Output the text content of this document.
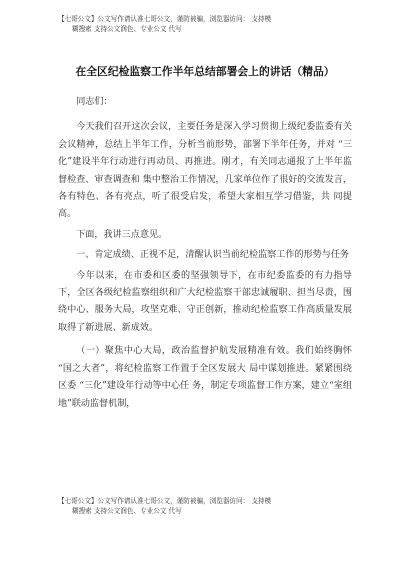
【七哥公文】公文写作请认准七哥公文，谨防被骗，浏览器访问： 支持模
糊搜索 支持公文润色、专业公文 代写
在全区纪检监察工作半年总结部署会上的讲话（精品）

同志们：

今天我们召开这次会议，主要任务是深入学习贯彻上级纪委监委有关会议精神，总结上半年工作，分析当前形势，部署下半年任务，并对 “三化”建设半年行动进行再动员、再推进。刚才，有关同志通报了上半年监督检查、审查调查和 集中整治工作情况，几家单位作了很好的交流发言，各有特色、各有亮点，听了很受启发，希望大家相互学习借鉴，共 同提高。

下面，我讲三点意见。

一、肯定成绩、正视不足，清醒认识当前纪检监察工作的形势与任务

今年以来，在市委和区委的坚强领导下，在市纪委监委的有力指导下，全区各级纪检监察组织和广大纪检监察干部忠诚履职、担当尽责，围绕中心、服务大局，攻坚克难、守正创新，推动纪检监察工作高质量发展取得了新进展、新成效。

（一）聚焦中心大局，政治监督护航发展精准有效。我们始终胸怀 “国之大者”，将纪检监察工作置于全区发展大 局中谋划推进。紧紧围绕区委 “三化”建设年行动等中心任 务，制定专项监督工作方案，建立“室组地”联动监督机制，

【七哥公文】公文写作请认准七哥公文，谨防被骗，浏览器访问： 支持模
糊搜索 支持公文润色、专业公文 代写
